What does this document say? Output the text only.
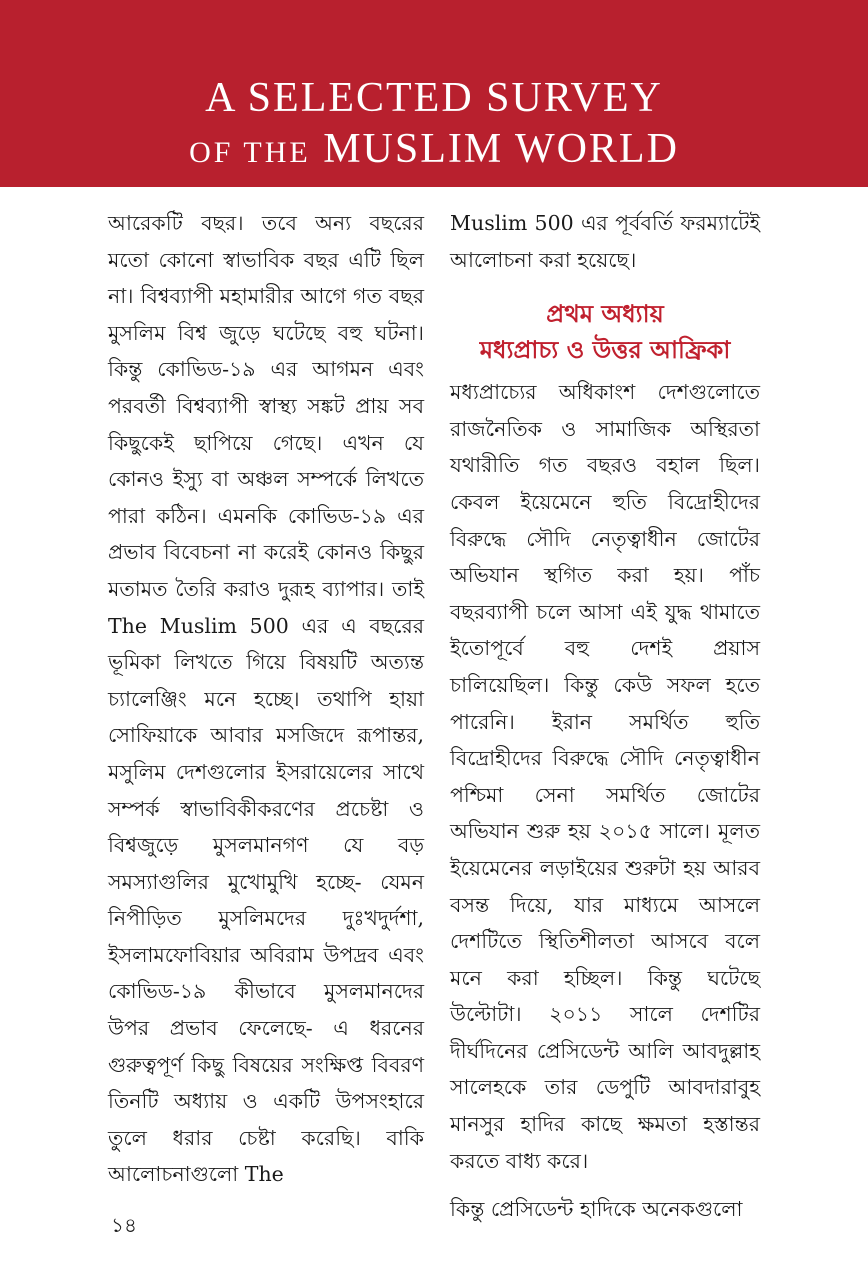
A SELECTED SURVEY
OF THE MUSLIM WORLD

আরেকটি বছর। তবে অন্য বছরের মতো কোনো স্বাভাবিক বছর এটি ছিল না। বিশ্বব্যাপী মহামারীর আগে গত বছর মুসলিম বিশ্ব জুড়ে ঘটেছে বহু ঘটনা। কিন্তু কোভিড-১৯ এর আগমন এবং পরবর্তী বিশ্বব্যাপী স্বাস্থ্য সঙ্কট প্রায় সব কিছুকেই ছাপিয়ে গেছে। এখন যে কোনও ইস্যু বা অঞ্চল সম্পর্কে লিখতে পারা কঠিন। এমনকি কোভিড-১৯ এর প্রভাব বিবেচনা না করেই কোনও কিছুর মতামত তৈরি করাও দুরূহ ব্যাপার। তাই The Muslim 500 এর এ বছরের ভূমিকা লিখতে গিয়ে বিষয়টি অত্যন্ত চ্যালেঞ্জিং মনে হচ্ছে। তথাপি হায়া সোফিয়াকে আবার মসজিদে রূপান্তর, মসুলিম দেশগুলোর ইসরায়েলের সাথে সম্পর্ক স্বাভাবিকীকরণের প্রচেষ্টা ও বিশ্বজুড়ে মুসলমানগণ যে বড় সমস্যাগুলির মুখোমুখি হচ্ছে- যেমন নিপীড়িত মুসলিমদের দুঃখদুর্দশা, ইসলামফোবিয়ার অবিরাম উপদ্রব এবং কোভিড-১৯ কীভাবে মুসলমানদের উপর প্রভাব ফেলেছে- এ ধরনের গুরুত্বপূর্ণ কিছু বিষয়ের সংক্ষিপ্ত বিবরণ তিনটি অধ্যায় ও একটি উপসংহারে তুলে ধরার চেষ্টা করেছি। বাকি আলোচনাগুলো The

Muslim 500 এর পূর্ববর্তি ফরম্যাটেই আলোচনা করা হয়েছে।

প্রথম অধ্যায়
মধ্যপ্রাচ্য ও উত্তর আফ্রিকা

মধ্যপ্রাচ্যের অধিকাংশ দেশগুলোতে রাজনৈতিক ও সামাজিক অস্থিরতা যথারীতি গত বছরও বহাল ছিল। কেবল ইয়েমেনে হুতি বিদ্রোহীদের বিরুদ্ধে সৌদি নেতৃত্বাধীন জোটের অভিযান স্থগিত করা হয়। পাঁচ বছরব্যাপী চলে আসা এই যুদ্ধ থামাতে ইতোপূর্বে বহু দেশই প্রয়াস চালিয়েছিল। কিন্তু কেউ সফল হতে পারেনি। ইরান সমর্থিত হুতি বিদ্রোহীদের বিরুদ্ধে সৌদি নেতৃত্বাধীন পশ্চিমা সেনা সমর্থিত জোটের অভিযান শুরু হয় ২০১৫ সালে। মূলত ইয়েমেনের লড়াইয়ের শুরুটা হয় আরব বসন্ত দিয়ে, যার মাধ্যমে আসলে দেশটিতে স্থিতিশীলতা আসবে বলে মনে করা হচ্ছিল। কিন্তু ঘটেছে উল্টোটা। ২০১১ সালে দেশটির দীর্ঘদিনের প্রেসিডেন্ট আলি আবদুল্লাহ সালেহকে তার ডেপুটি আবদারাবুহ মানসুর হাদির কাছে ক্ষমতা হস্তান্তর করতে বাধ্য করে।

কিন্তু প্রেসিডেন্ট হাদিকে অনেকগুলো

১৪
